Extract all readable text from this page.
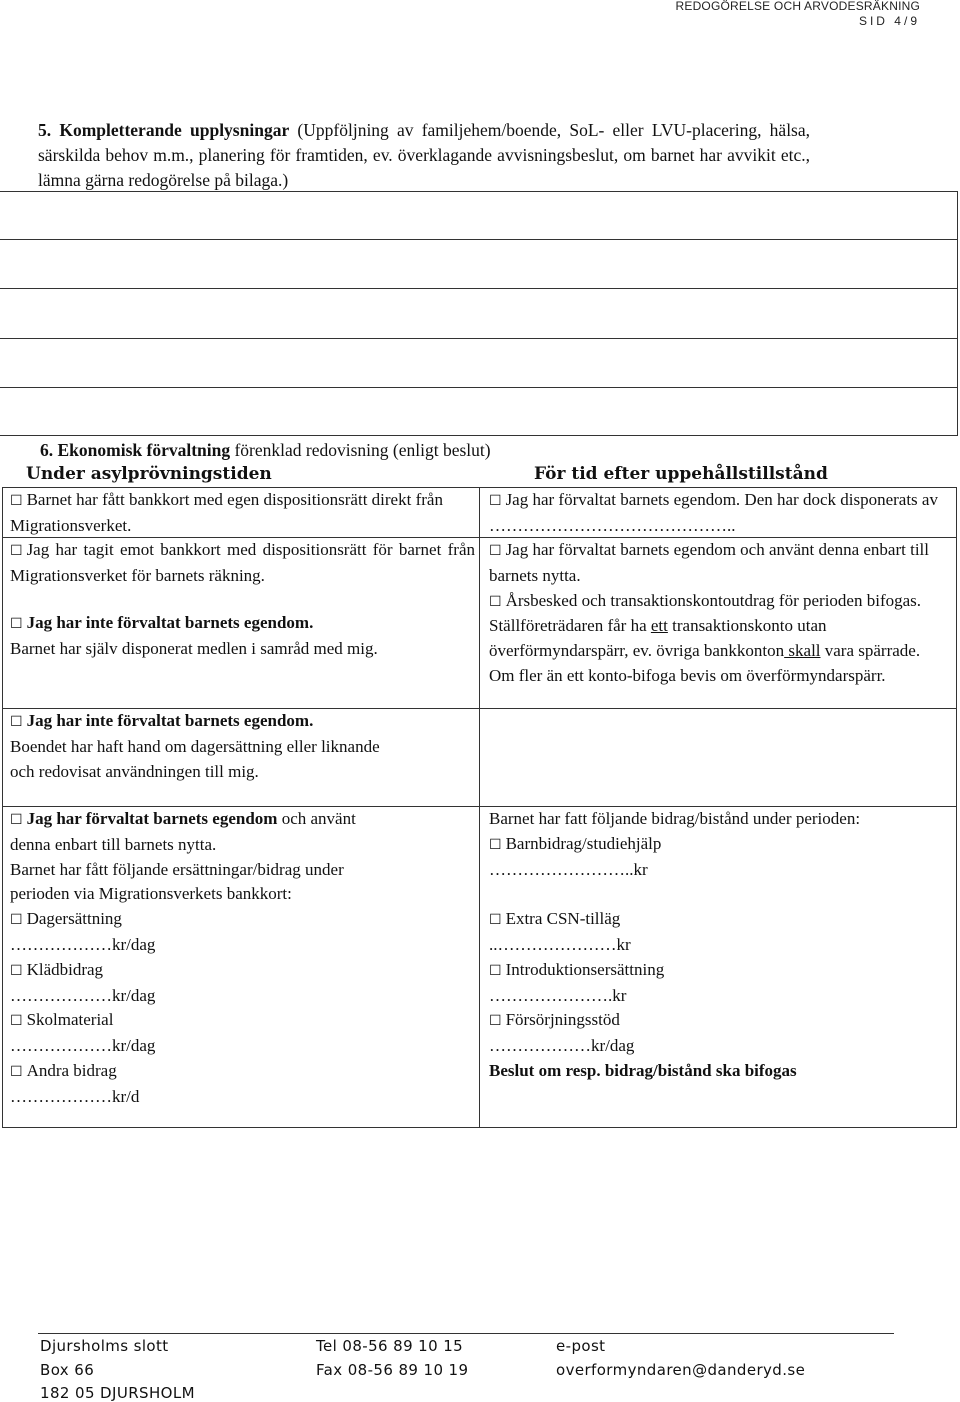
REDOGÖRELSE OCH ARVODESRÄKNING
SID 4/9
5. Kompletterande upplysningar (Uppföljning av familjehem/boende, SoL- eller LVU-placering, hälsa, särskilda behov m.m., planering för framtiden, ev. överklagande avvisningsbeslut, om barnet har avvikit etc., lämna gärna redogörelse på bilaga.)
6. Ekonomisk förvaltning förenklad redovisning (enligt beslut)
Under asylprövningstiden	För tid efter uppehållstillstånd
☐ Barnet har fått bankkort med egen dispositionsrätt direkt från Migrationsverket.
☐ Jag har tagit emot bankkort med dispositionsrätt för barnet från Migrationsverket för barnets räkning.

☐ Jag har inte förvaltat barnets egendom.

Barnet har själv disponerat medlen i samråd med mig.

☐ Jag har inte förvaltat barnets egendom.

Boendet har haft hand om dagersättning eller liknande och redovisat användningen till mig.

☐ Jag har förvaltat barnets egendom och använt denna enbart till barnets nytta.

Barnet har fått följande ersättningar/bidrag under perioden via Migrationsverkets bankkort:

☐ Dagersättning

………………kr/dag

☐ Klädbidrag

………………kr/dag

☐ Skolmaterial

………………kr/dag

☐ Andra bidrag

………………kr/d

☐ Jag har förvaltat barnets egendom. Den har dock disponerats av ……………………………………..

☐ Jag har förvaltat barnets egendom och använt denna enbart till barnets nytta.

☐ Årsbesked och transaktionskontoutdrag för perioden bifogas. Ställföreträdaren får ha ett transaktionskonto utan överförmyndarspärr, ev. övriga bankkonton skall vara spärrade. Om fler än ett konto-bifoga bevis om överförmyndarspärr.

Barnet har fatt följande bidrag/bistånd under perioden:

☐ Barnbidrag/studiehjälp

……………………..kr

☐ Extra CSN-tilläg

..…………………kr

☐ Introduktionsersättning

………………….kr

☐ Försörjningsstöd

………………kr/dag

Beslut om resp. bidrag/bistånd ska bifogas

Djursholms slott
Box 66
182 05 DJURSHOLM
Tel 08-56 89 10 15
Fax 08-56 89 10 19
e-post
overformyndaren@danderyd.se
